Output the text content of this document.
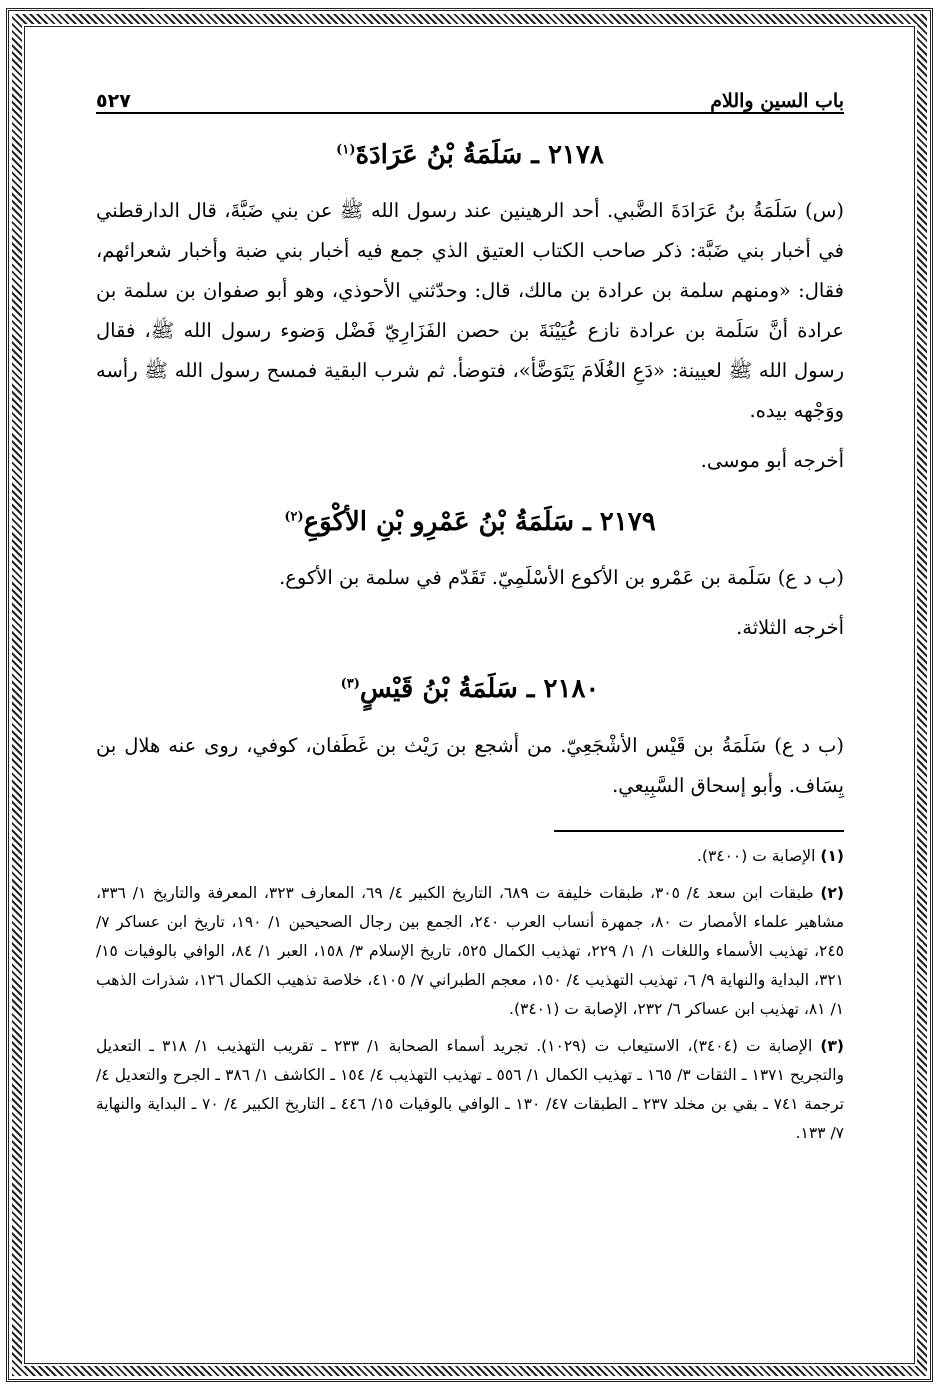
باب السين واللام
٥٢٧
٢١٧٨ ـ سَلَمَةُ بْنُ عَرَادَةَ$^{(١)}$

(س) سَلَمَةُ بنُ عَرَادَةَ الضَّبي. أحد الرهينين عند رسول الله ﷺ عن بني ضَبَّةَ، قال الدارقطني في أخبار بني ضَبَّة: ذكر صاحب الكتاب العتيق الذي جمع فيه أخبار بني ضبة وأخبار شعرائهم، فقال: «ومنهم سلمة بن عرادة بن مالك، قال: وحدّثني الأحوذي، وهو أبو صفوان بن سلمة بن عرادة أنَّ سَلَمة بن عرادة نازع عُيَيْنَةَ بن حصن الفَزَارِيّ فَضْل وَضوء رسول الله ﷺ، فقال رسول الله ﷺ لعيينة: «دَعِ الغُلَامَ يَتَوَضَّأ»، فتوضأ. ثم شرب البقية فمسح رسول الله ﷺ رأسه ووَجْهه بيده.

أخرجه أبو موسى.

٢١٧٩ ـ سَلَمَةُ بْنُ عَمْرِو بْنِ الأكْوَعِ$^{(٢)}$

(ب د ع) سَلَمة بن عَمْرو بن الأكوع الأسْلَمِيّ. تَقَدّم في سلمة بن الأكوع.

أخرجه الثلاثة.

٢١٨٠ ـ سَلَمَةُ بْنُ قَيْسٍ$^{(٣)}$

(ب د ع) سَلَمَةُ بن قَيْس الأشْجَعِيّ. من أشجع بن رَيْث بن غَطَفان، كوفي، روى عنه هلال بن يِسَاف. وأبو إسحاق السَّبِيعي.

(١) الإصابة ت (٣٤٠٠).

(٢) طبقات ابن سعد ٤/ ٣٠٥، طبقات خليفة ت ٦٨٩، التاريخ الكبير ٤/ ٦٩، المعارف ٣٢٣، المعرفة والتاريخ ١/ ٣٣٦، مشاهير علماء الأمصار ت ٨٠، جمهرة أنساب العرب ٢٤٠، الجمع بين رجال الصحيحين ١/ ١٩٠، تاريخ ابن عساكر ٧/ ٢٤٥، تهذيب الأسماء واللغات ١/ ١/ ٢٢٩، تهذيب الكمال ٥٢٥، تاريخ الإسلام ٣/ ١٥٨، العبر ١/ ٨٤، الوافي بالوفيات ١٥/ ٣٢١، البداية والنهاية ٩/ ٦، تهذيب التهذيب ٤/ ١٥٠، معجم الطبراني ٧/ ٤١٠٥، خلاصة تذهيب الكمال ١٢٦، شذرات الذهب ١/ ٨١، تهذيب ابن عساكر ٦/ ٢٣٢، الإصابة ت (٣٤٠١).

(٣) الإصابة ت (٣٤٠٤)، الاستيعاب ت (١٠٢٩). تجريد أسماء الصحابة ١/ ٢٣٣ ـ تقريب التهذيب ١/ ٣١٨ ـ التعديل والتجريح ١٣٧١ ـ الثقات ٣/ ١٦٥ ـ تهذيب الكمال ١/ ٥٥٦ ـ تهذيب التهذيب ٤/ ١٥٤ ـ الكاشف ١/ ٣٨٦ ـ الجرح والتعديل ٤/ ترجمة ٧٤١ ـ بقي بن مخلد ٢٣٧ ـ الطبقات ٤٧/ ١٣٠ ـ الوافي بالوفيات ١٥/ ٤٤٦ ـ التاريخ الكبير ٤/ ٧٠ ـ البداية والنهاية ٧/ ١٣٣.
